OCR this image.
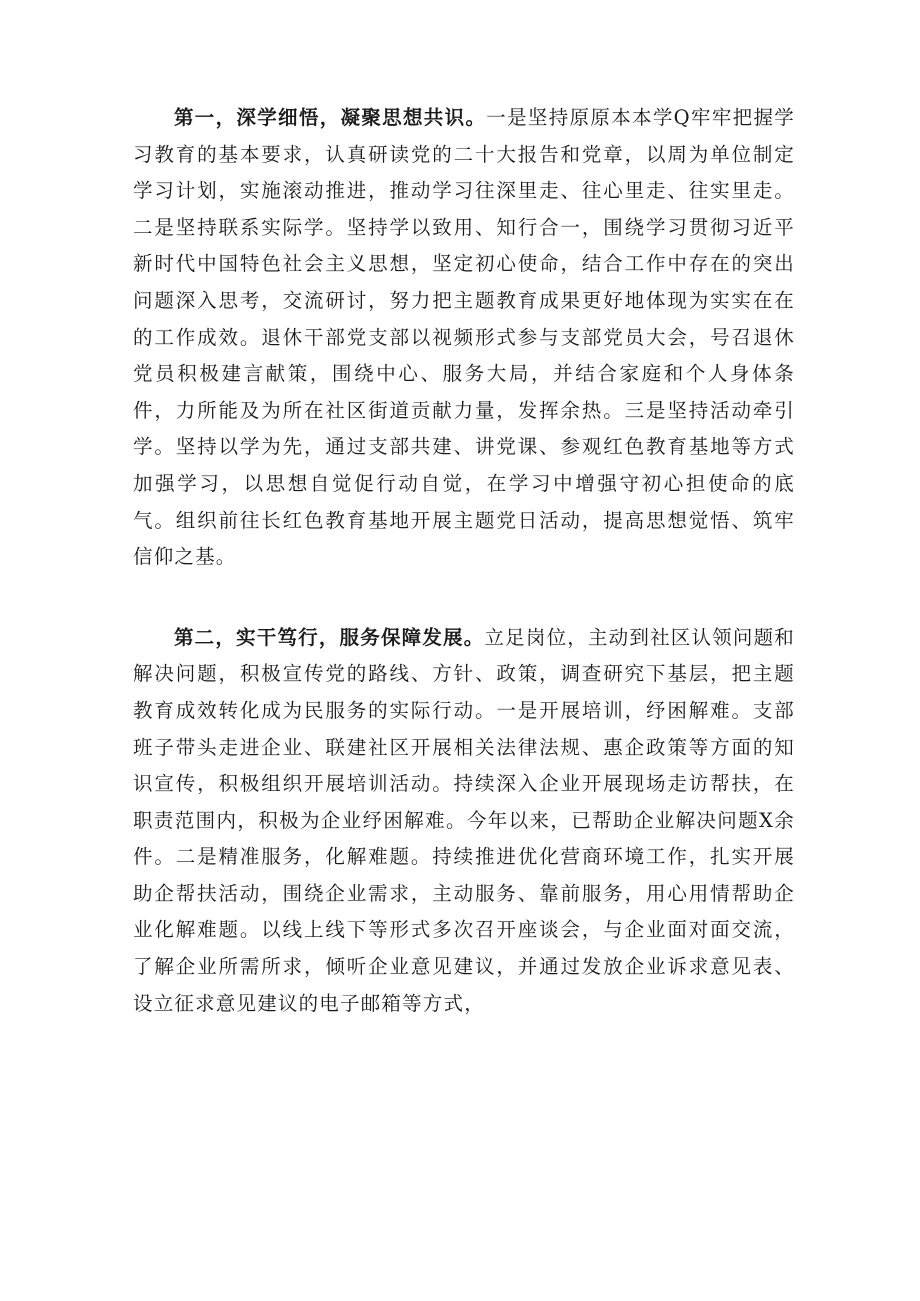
第一，深学细悟，凝聚思想共识。一是坚持原原本本学Q牢牢把握学习教育的基本要求，认真研读党的二十大报告和党章，以周为单位制定学习计划，实施滚动推进，推动学习往深里走、往心里走、往实里走。二是坚持联系实际学。坚持学以致用、知行合一，围绕学习贯彻习近平新时代中国特色社会主义思想，坚定初心使命，结合工作中存在的突出问题深入思考，交流研讨，努力把主题教育成果更好地体现为实实在在的工作成效。退休干部党支部以视频形式参与支部党员大会，号召退休党员积极建言献策，围绕中心、服务大局，并结合家庭和个人身体条件，力所能及为所在社区街道贡献力量，发挥余热。三是坚持活动牵引学。坚持以学为先，通过支部共建、讲党课、参观红色教育基地等方式加强学习，以思想自觉促行动自觉，在学习中增强守初心担使命的底气。组织前往长红色教育基地开展主题党日活动，提高思想觉悟、筑牢信仰之基。

第二，实干笃行，服务保障发展。立足岗位，主动到社区认领问题和解决问题，积极宣传党的路线、方针、政策，调查研究下基层，把主题教育成效转化成为民服务的实际行动。一是开展培训，纾困解难。支部班子带头走进企业、联建社区开展相关法律法规、惠企政策等方面的知识宣传，积极组织开展培训活动。持续深入企业开展现场走访帮扶，在职责范围内，积极为企业纾困解难。今年以来，已帮助企业解决问题X余件。二是精准服务，化解难题。持续推进优化营商环境工作，扎实开展助企帮扶活动，围绕企业需求，主动服务、靠前服务，用心用情帮助企业化解难题。以线上线下等形式多次召开座谈会，与企业面对面交流，了解企业所需所求，倾听企业意见建议，并通过发放企业诉求意见表、设立征求意见建议的电子邮箱等方式，
